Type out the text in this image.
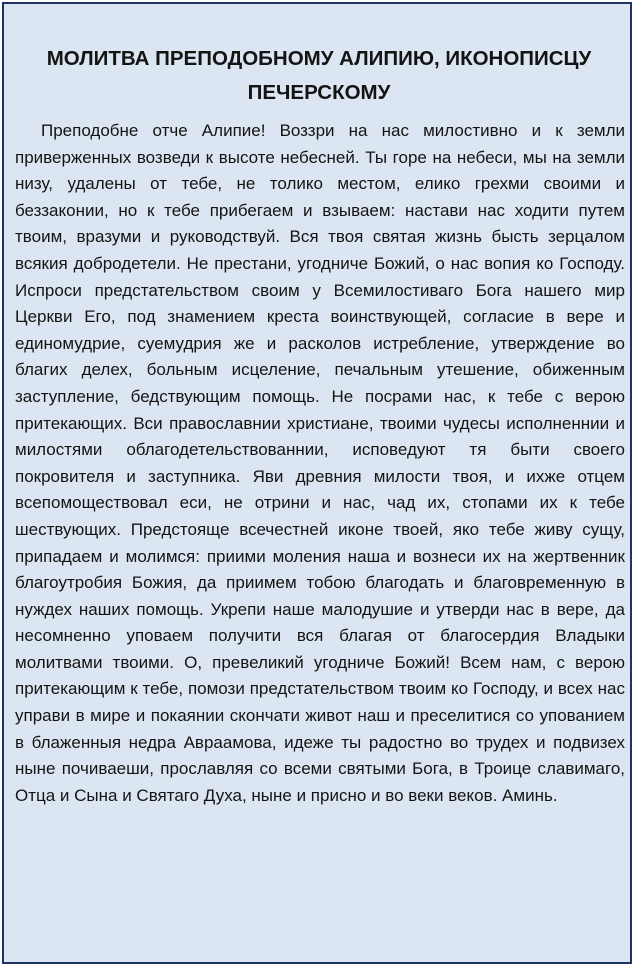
МОЛИТВА ПРЕПОДОБНОМУ АЛИПИЮ, ИКОНОПИСЦУ ПЕЧЕРСКОМУ

Преподобне отче Алипие! Воззри на нас милостивно и к земли приверженных возведи к высоте небесней. Ты горе на небеси, мы на земли низу, удалены от тебе, не толико местом, елико грехми своими и беззаконии, но к тебе прибегаем и взываем: настави нас ходити путем твоим, вразуми и руководствуй. Вся твоя святая жизнь бысть зерцалом всякия добродетели. Не престани, угодниче Божий, о нас вопия ко Господу. Испроси предстательством своим у Всемилостиваго Бога нашего мир Церкви Его, под знамением креста воинствующей, согласие в вере и единомудрие, суемудрия же и расколов истребление, утверждение во благих делех, больным исцеление, печальным утешение, обиженным заступление, бедствующим помощь. Не посрами нас, к тебе с верою притекающих. Вси православнии христиане, твоими чудесы исполненнии и милостями облагодетельствованнии, исповедуют тя быти своего покровителя и заступника. Яви древния милости твоя, и ихже отцем всепомоществовал еси, не отрини и нас, чад их, стопами их к тебе шествующих. Предстояще всечестней иконе твоей, яко тебе живу сущу, припадаем и молимся: приими моления наша и вознеси их на жертвенник благоутробия Божия, да приимем тобою благодать и благовременную в нуждех наших помощь. Укрепи наше малодушие и утверди нас в вере, да несомненно уповаем получити вся благая от благосердия Владыки молитвами твоими. О, превеликий угодниче Божий! Всем нам, с верою притекающим к тебе, помози предстательством твоим ко Господу, и всех нас управи в мире и покаянии скончати живот наш и преселитися со упованием в блаженныя недра Авраамова, идеже ты радостно во трудех и подвизех ныне почиваеши, прославляя со всеми святыми Бога, в Троице славимаго, Отца и Сына и Святаго Духа, ныне и присно и во веки веков. Аминь.
